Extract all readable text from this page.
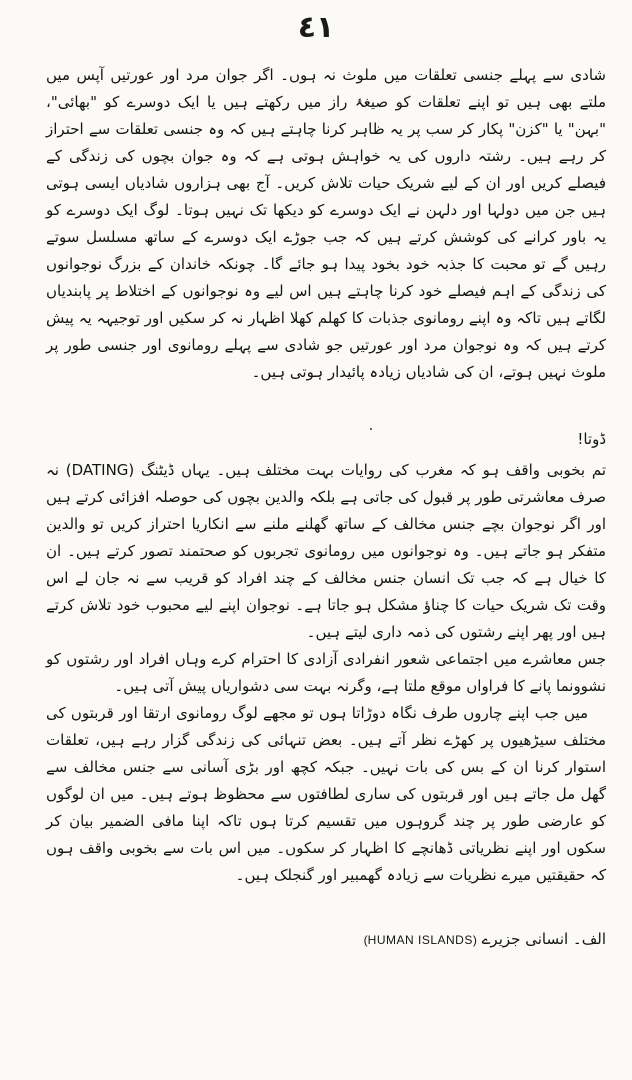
٤١

شادی سے پہلے جنسی تعلقات میں ملوث نہ ہوں۔ اگر جوان مرد اور عورتیں آپس میں ملتے بھی ہیں تو اپنے تعلقات کو صیغۂ راز میں رکھتے ہیں یا ایک دوسرے کو "بھائی"، "بہن" یا "کزن" پکار کر سب پر یہ ظاہر کرنا چاہتے ہیں کہ وہ جنسی تعلقات سے احتراز کر رہے ہیں۔ رشتہ داروں کی یہ خواہش ہوتی ہے کہ وہ جوان بچوں کی زندگی کے فیصلے کریں اور ان کے لیے شریک حیات تلاش کریں۔ آج بھی ہزاروں شادیاں ایسی ہوتی ہیں جن میں دولہا اور دلہن نے ایک دوسرے کو دیکھا تک نہیں ہوتا۔ لوگ ایک دوسرے کو یہ باور کرانے کی کوشش کرتے ہیں کہ جب جوڑے ایک دوسرے کے ساتھ مسلسل سوتے رہیں گے تو محبت کا جذبہ خود بخود پیدا ہو جائے گا۔ چونکہ خاندان کے بزرگ نوجوانوں کی زندگی کے اہم فیصلے خود کرنا چاہتے ہیں اس لیے وہ نوجوانوں کے اختلاط پر پابندیاں لگاتے ہیں تاکہ وہ اپنے رومانوی جذبات کا کھلم کھلا اظہار نہ کر سکیں اور توجیہہ یہ پیش کرتے ہیں کہ وہ نوجوان مرد اور عورتیں جو شادی سے پہلے رومانوی اور جنسی طور پر ملوث نہیں ہوتے، ان کی شادیاں زیادہ پائیدار ہوتی ہیں۔

ڈوتا!

تم بخوبی واقف ہو کہ مغرب کی روایات بہت مختلف ہیں۔ یہاں ڈیٹنگ (DATING) نہ صرف معاشرتی طور پر قبول کی جاتی ہے بلکہ والدین بچوں کی حوصلہ افزائی کرتے ہیں اور اگر نوجوان بچے جنس مخالف کے ساتھ گھلنے ملنے سے انکاریا احتراز کریں تو والدین متفکر ہو جاتے ہیں۔ وہ نوجوانوں میں رومانوی تجربوں کو صحتمند تصور کرتے ہیں۔ ان کا خیال ہے کہ جب تک انسان جنس مخالف کے چند افراد کو قریب سے نہ جان لے اس وقت تک شریک حیات کا چناؤ مشکل ہو جاتا ہے۔ نوجوان اپنے لیے محبوب خود تلاش کرتے ہیں اور پھر اپنے رشتوں کی ذمہ داری لیتے ہیں۔

جس معاشرے میں اجتماعی شعور انفرادی آزادی کا احترام کرے وہاں افراد اور رشتوں کو نشوونما پانے کا فراواں موقع ملتا ہے، وگرنہ بہت سی دشواریاں پیش آتی ہیں۔

میں جب اپنے چاروں طرف نگاہ دوڑاتا ہوں تو مجھے لوگ رومانوی ارتقا اور قربتوں کی مختلف سیڑھیوں پر کھڑے نظر آتے ہیں۔ بعض تنہائی کی زندگی گزار رہے ہیں، تعلقات استوار کرنا ان کے بس کی بات نہیں۔ جبکہ کچھ اور بڑی آسانی سے جنس مخالف سے گھل مل جاتے ہیں اور قربتوں کی ساری لطافتوں سے محظوظ ہوتے ہیں۔ میں ان لوگوں کو عارضی طور پر چند گروہوں میں تقسیم کرتا ہوں تاکہ اپنا مافی الضمیر بیان کر سکوں اور اپنے نظریاتی ڈھانچے کا اظہار کر سکوں۔ میں اس بات سے بخوبی واقف ہوں کہ حقیقتیں میرے نظریات سے زیادہ گھمبیر اور گنجلک ہیں۔

الف۔ انسانی جزیرے (HUMAN ISLANDS)
